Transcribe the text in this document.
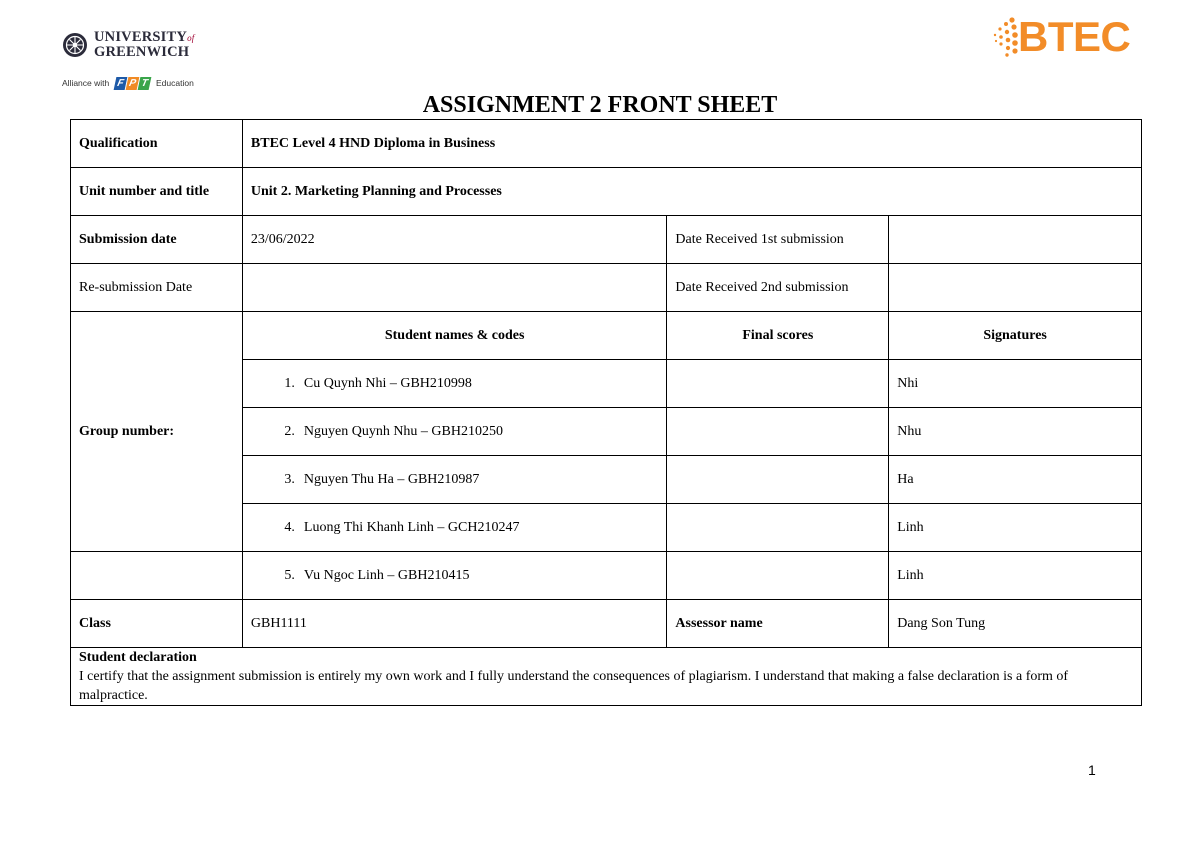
UNIVERSITYof
GREENWICH
Alliance with F P T Education
BTEC
ASSIGNMENT 2 FRONT SHEET
Qualification	BTEC Level 4 HND Diploma in Business		
Unit number and title	Unit 2. Marketing Planning and Processes		
Submission date	23/06/2022	Date Received 1st submission	
Re-submission Date		Date Received 2nd submission	
Group number:	Student names & codes	Final scores	Signatures
	1. Cu Quynh Nhi – GBH210998		Nhi
	2. Nguyen Quynh Nhu – GBH210250		Nhu
	3. Nguyen Thu Ha – GBH210987		Ha
	4. Luong Thi Khanh Linh – GCH210247		Linh
	5. Vu Ngoc Linh – GBH210415		Linh
Class	GBH1111	Assessor name	Dang Son Tung

Student declaration
I certify that the assignment submission is entirely my own work and I fully understand the consequences of plagiarism. I understand that making a false declaration is a form of malpractice.			
1
